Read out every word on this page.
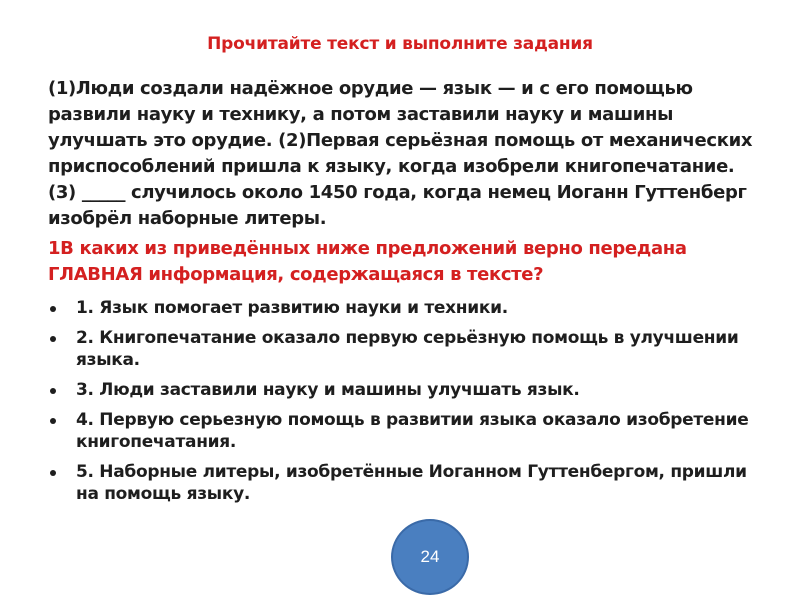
Прочитайте текст и выполните задания

(1)Люди создали надёжное орудие — язык — и с его помощью развили науку и технику, а потом заставили науку и машины улучшать это орудие. (2)Первая серьёзная помощь от механических приспособлений пришла к языку, когда изобрели книгопечатание. (3) _____ случилось около 1450 года, когда немец Иоганн Гуттенберг изобрёл наборные литеры.

1В каких из приведённых ниже предложений верно передана ГЛАВНАЯ информация, содержащаяся в тексте?

1. Язык помогает развитию науки и техники.
2. Книгопечатание оказало первую серьёзную помощь в улучшении языка.
3. Люди заставили науку и машины улучшать язык.
4. Первую серьезную помощь в развитии языка оказало изобретение книгопечатания.
5. Наборные литеры, изобретённые Иоганном Гуттенбергом, пришли на помощь языку.
24
